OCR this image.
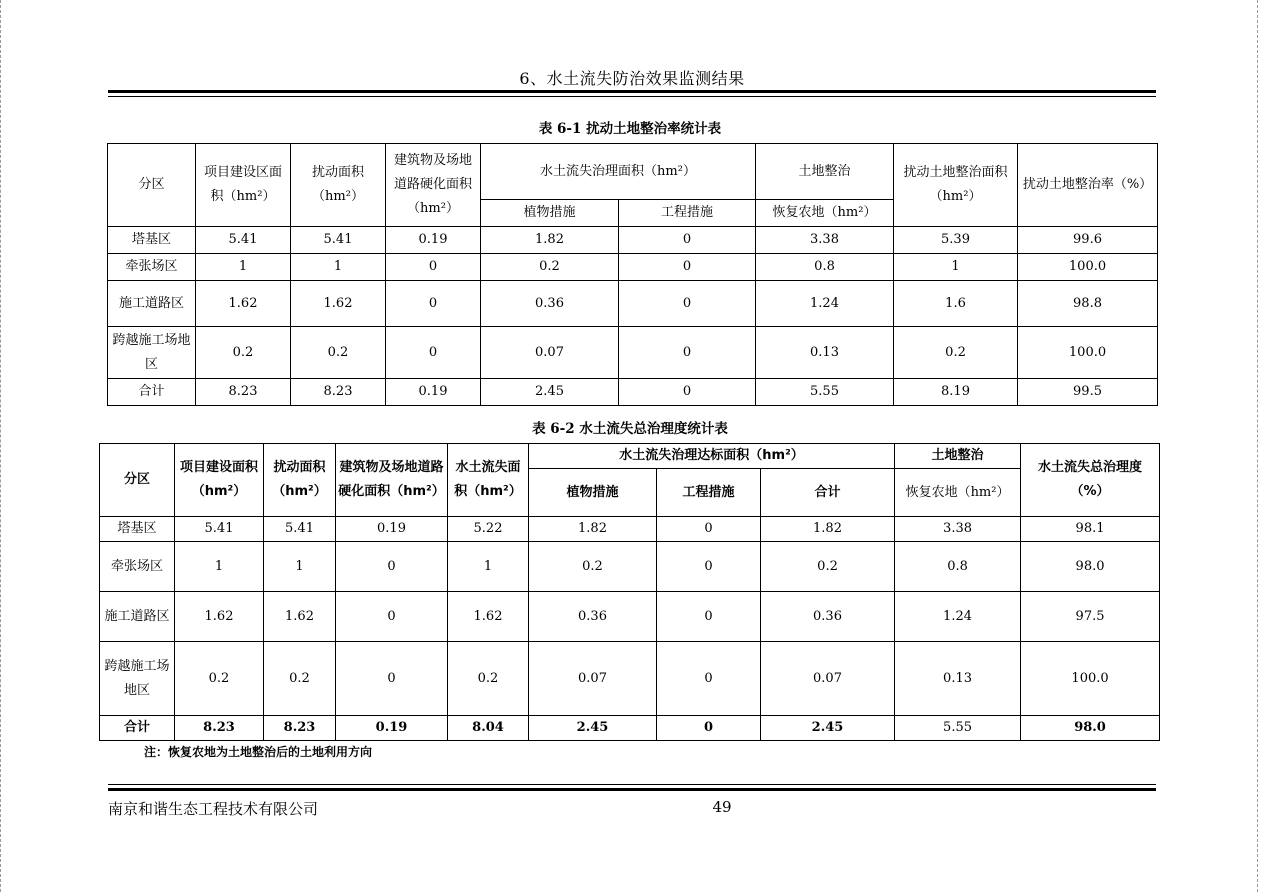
6、水土流失防治效果监测结果
表 6-1 扰动土地整治率统计表
分区	项目建设区面积（hm²）	扰动面积（hm²）	建筑物及场地道路硬化面积（hm²）	水土流失治理面积（hm²）		土地整治	扰动土地整治面积（hm²）	扰动土地整治率（%）
				植物措施	工程措施	恢复农地（hm²）		
塔基区	5.41	5.41	0.19	1.82	0	3.38	5.39	99.6
牵张场区	1	1	0	0.2	0	0.8	1	100.0
施工道路区	1.62	1.62	0	0.36	0	1.24	1.6	98.8
跨越施工场地区	0.2	0.2	0	0.07	0	0.13	0.2	100.0
合计	8.23	8.23	0.19	2.45	0	5.55	8.19	99.5
表 6-2 水土流失总治理度统计表
分区	项目建设面积（hm²）	扰动面积（hm²）	建筑物及场地道路硬化面积（hm²）	水土流失面积（hm²）	水土流失治理达标面积（hm²）			土地整治	水土流失总治理度（%）
					植物措施	工程措施	合计	恢复农地（hm²）	
塔基区	5.41	5.41	0.19	5.22	1.82	0	1.82	3.38	98.1
牵张场区	1	1	0	1	0.2	0	0.2	0.8	98.0
施工道路区	1.62	1.62	0	1.62	0.36	0	0.36	1.24	97.5
跨越施工场地区	0.2	0.2	0	0.2	0.07	0	0.07	0.13	100.0
合计	8.23	8.23	0.19	8.04	2.45	0	2.45	5.55	98.0
注：恢复农地为土地整治后的土地利用方向
南京和谐生态工程技术有限公司	49
